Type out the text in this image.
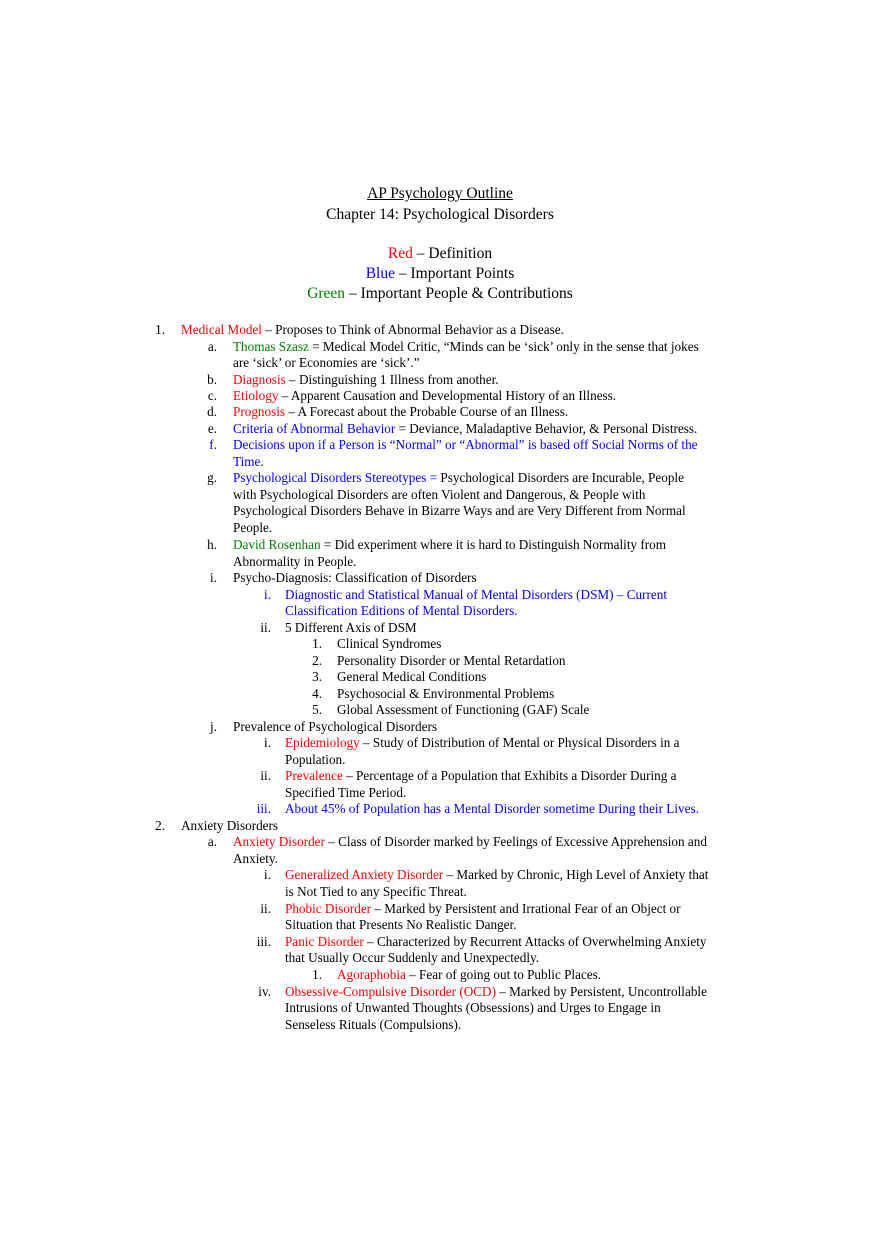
AP Psychology Outline
Chapter 14: Psychological Disorders
Red – Definition
Blue – Important Points
Green – Important People & Contributions
1. Medical Model – Proposes to Think of Abnormal Behavior as a Disease.
a. Thomas Szasz = Medical Model Critic, “Minds can be ‘sick’ only in the sense that jokes
are ‘sick’ or Economies are ‘sick’.”
b. Diagnosis – Distinguishing 1 Illness from another.
c. Etiology – Apparent Causation and Developmental History of an Illness.
d. Prognosis – A Forecast about the Probable Course of an Illness.
e. Criteria of Abnormal Behavior = Deviance, Maladaptive Behavior, & Personal Distress.
f. Decisions upon if a Person is “Normal” or “Abnormal” is based off Social Norms of the
Time.
g. Psychological Disorders Stereotypes = Psychological Disorders are Incurable, People
with Psychological Disorders are often Violent and Dangerous, & People with
Psychological Disorders Behave in Bizarre Ways and are Very Different from Normal
People.
h. David Rosenhan = Did experiment where it is hard to Distinguish Normality from
Abnormality in People.
i. Psycho-Diagnosis: Classification of Disorders
i. Diagnostic and Statistical Manual of Mental Disorders (DSM) – Current
Classification Editions of Mental Disorders.
ii. 5 Different Axis of DSM
1. Clinical Syndromes
2. Personality Disorder or Mental Retardation
3. General Medical Conditions
4. Psychosocial & Environmental Problems
5. Global Assessment of Functioning (GAF) Scale
j. Prevalence of Psychological Disorders
i. Epidemiology – Study of Distribution of Mental or Physical Disorders in a
Population.
ii. Prevalence – Percentage of a Population that Exhibits a Disorder During a
Specified Time Period.
iii. About 45% of Population has a Mental Disorder sometime During their Lives.
2. Anxiety Disorders
a. Anxiety Disorder – Class of Disorder marked by Feelings of Excessive Apprehension and
Anxiety.
i. Generalized Anxiety Disorder – Marked by Chronic, High Level of Anxiety that
is Not Tied to any Specific Threat.
ii. Phobic Disorder – Marked by Persistent and Irrational Fear of an Object or
Situation that Presents No Realistic Danger.
iii. Panic Disorder – Characterized by Recurrent Attacks of Overwhelming Anxiety
that Usually Occur Suddenly and Unexpectedly.
1. Agoraphobia – Fear of going out to Public Places.
iv. Obsessive-Compulsive Disorder (OCD) – Marked by Persistent, Uncontrollable
Intrusions of Unwanted Thoughts (Obsessions) and Urges to Engage in
Senseless Rituals (Compulsions).
